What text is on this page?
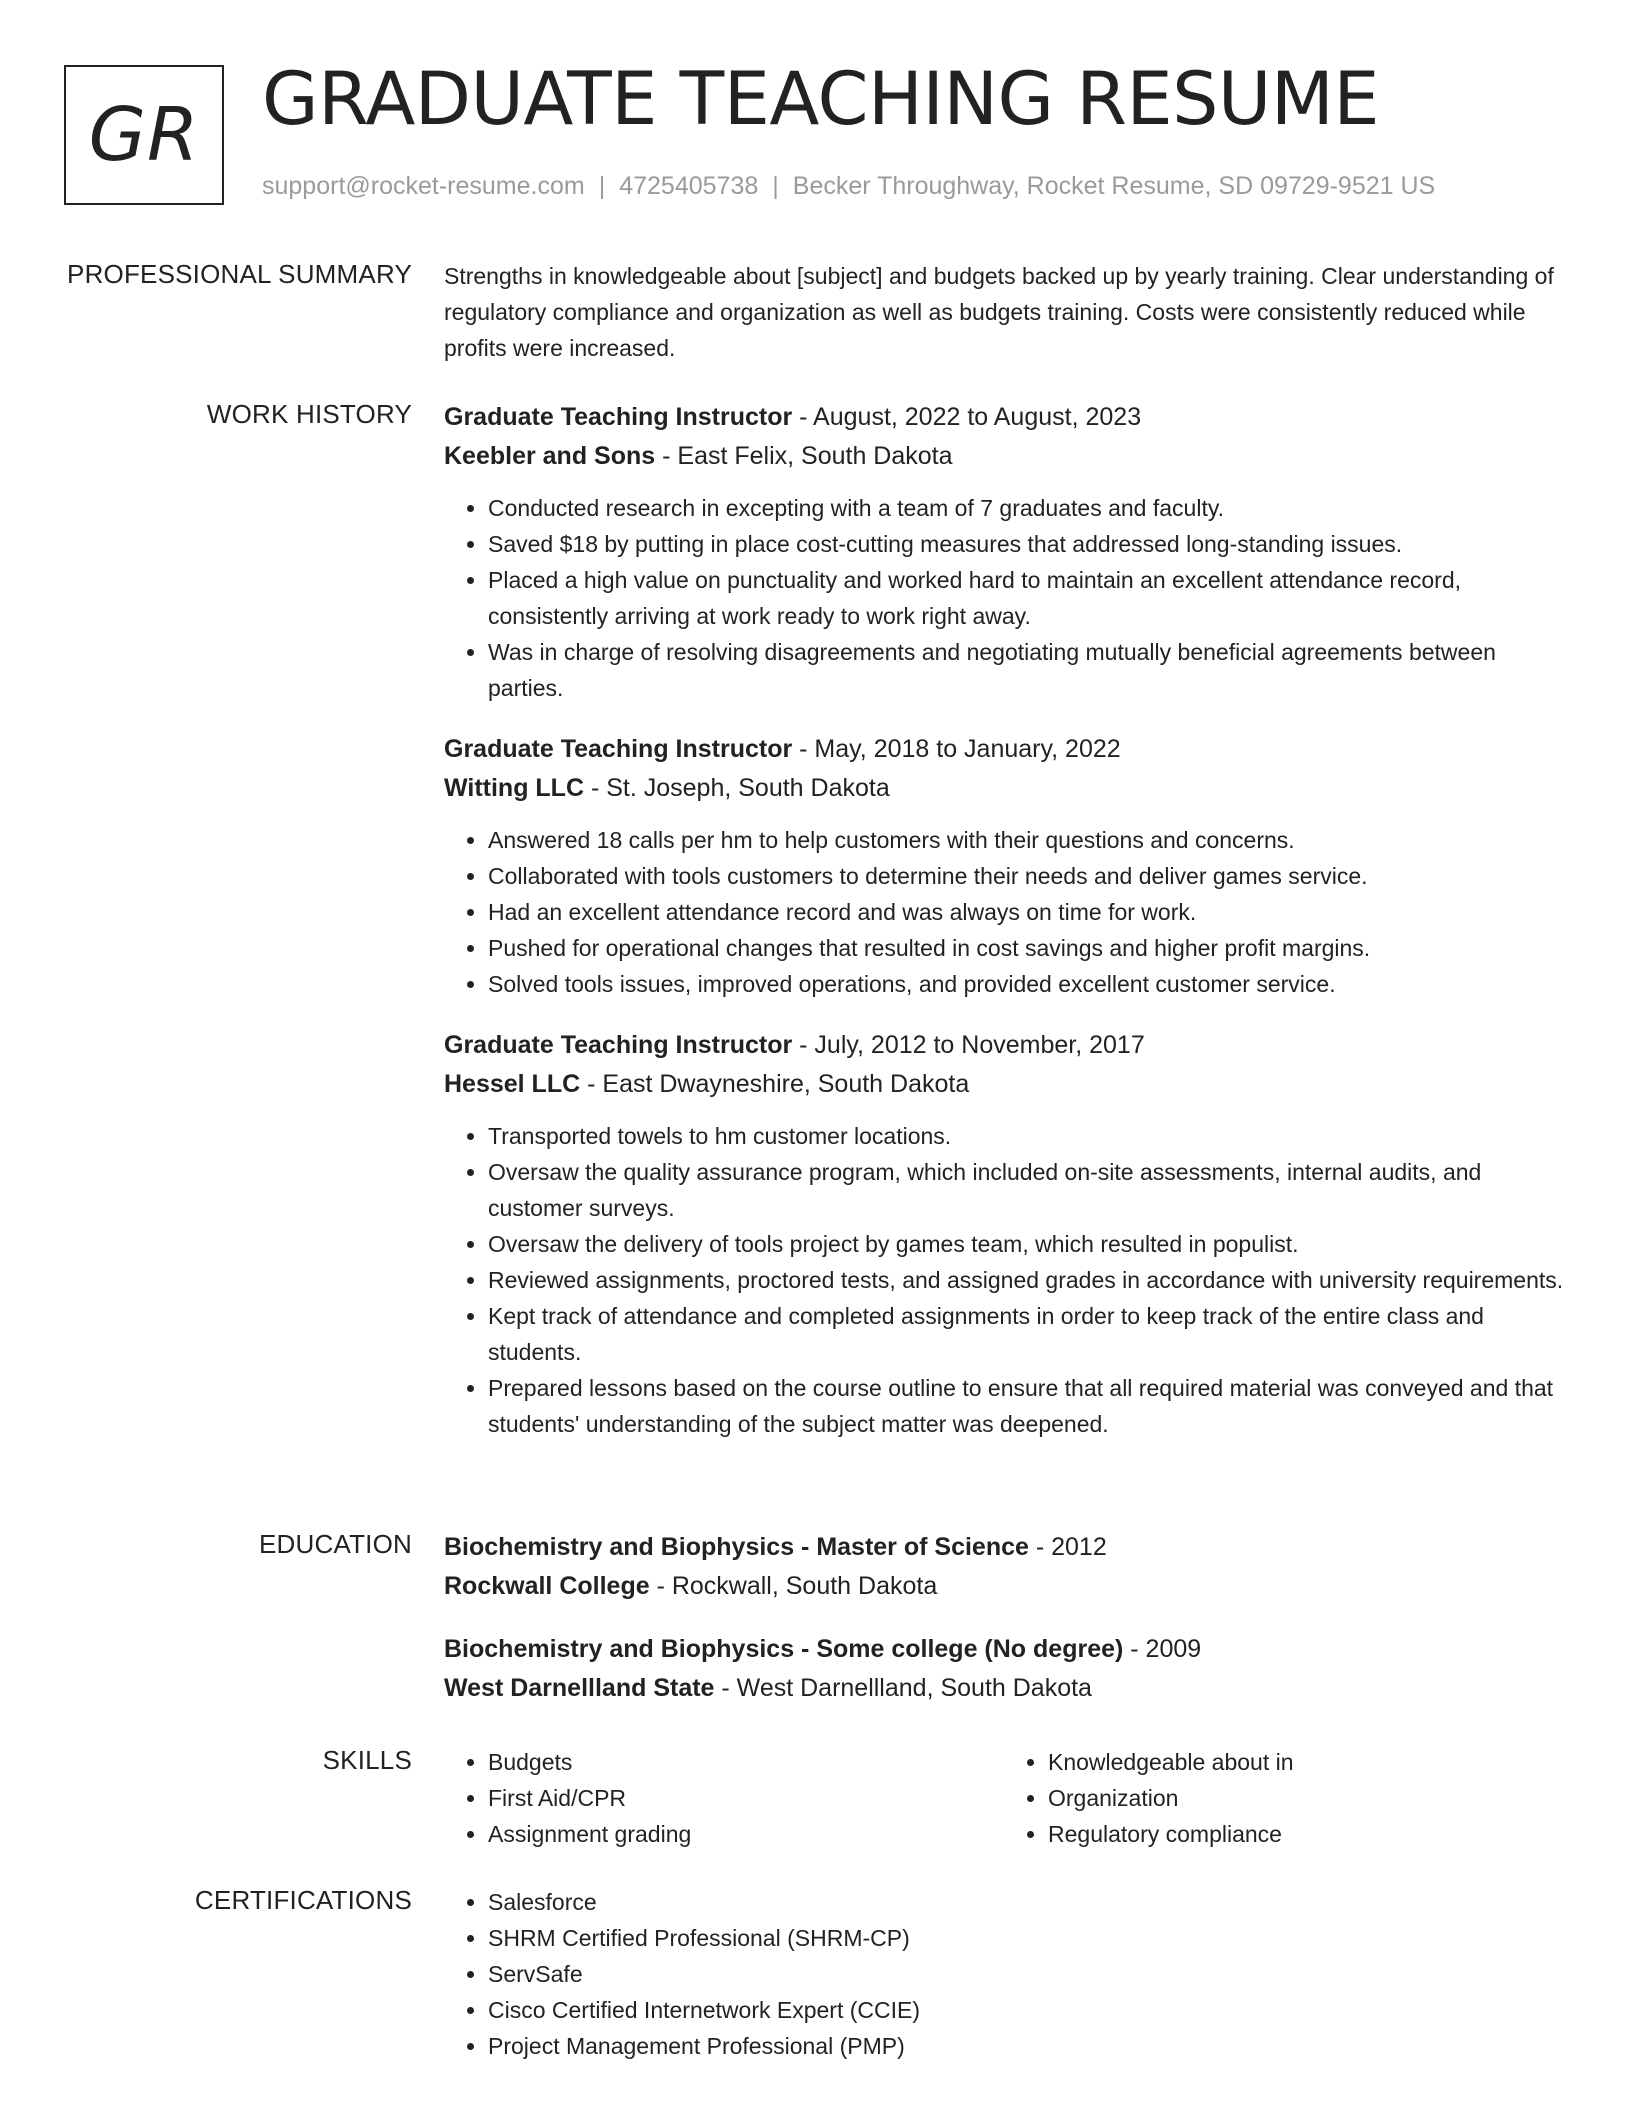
GR GRADUATE TEACHING RESUME
support@rocket-resume.com | 4725405738 | Becker Throughway, Rocket Resume, SD 09729-9521 US
PROFESSIONAL SUMMARY Strengths in knowledgeable about [subject] and budgets backed up by yearly training. Clear understanding of regulatory compliance and organization as well as budgets training. Costs were consistently reduced while profits were increased.

WORK HISTORY Graduate Teaching Instructor - August, 2022 to August, 2023
Keebler and Sons - East Felix, South Dakota
• Conducted research in excepting with a team of 7 graduates and faculty.
• Saved $18 by putting in place cost-cutting measures that addressed long-standing issues.
• Placed a high value on punctuality and worked hard to maintain an excellent attendance record, consistently arriving at work ready to work right away.
• Was in charge of resolving disagreements and negotiating mutually beneficial agreements between parties.
Graduate Teaching Instructor - May, 2018 to January, 2022
Witting LLC - St. Joseph, South Dakota
• Answered 18 calls per hm to help customers with their questions and concerns.
• Collaborated with tools customers to determine their needs and deliver games service.
• Had an excellent attendance record and was always on time for work.
• Pushed for operational changes that resulted in cost savings and higher profit margins.
• Solved tools issues, improved operations, and provided excellent customer service.
Graduate Teaching Instructor - July, 2012 to November, 2017
Hessel LLC - East Dwayneshire, South Dakota
• Transported towels to hm customer locations.
• Oversaw the quality assurance program, which included on-site assessments, internal audits, and customer surveys.
• Oversaw the delivery of tools project by games team, which resulted in populist.
• Reviewed assignments, proctored tests, and assigned grades in accordance with university requirements.
• Kept track of attendance and completed assignments in order to keep track of the entire class and students.
• Prepared lessons based on the course outline to ensure that all required material was conveyed and that students' understanding of the subject matter was deepened.
EDUCATION Biochemistry and Biophysics - Master of Science - 2012
Rockwall College - Rockwall, South Dakota
Biochemistry and Biophysics - Some college (No degree) - 2009
West Darnellland State - West Darnellland, South Dakota
SKILLS	• Budgets
• First Aid/CPR
• Assignment grading
• Knowledgeable about in
• Organization
• Regulatory compliance
CERTIFICATIONS	• Salesforce
• SHRM Certified Professional (SHRM-CP)
• ServSafe
• Cisco Certified Internetwork Expert (CCIE)
• Project Management Professional (PMP)
